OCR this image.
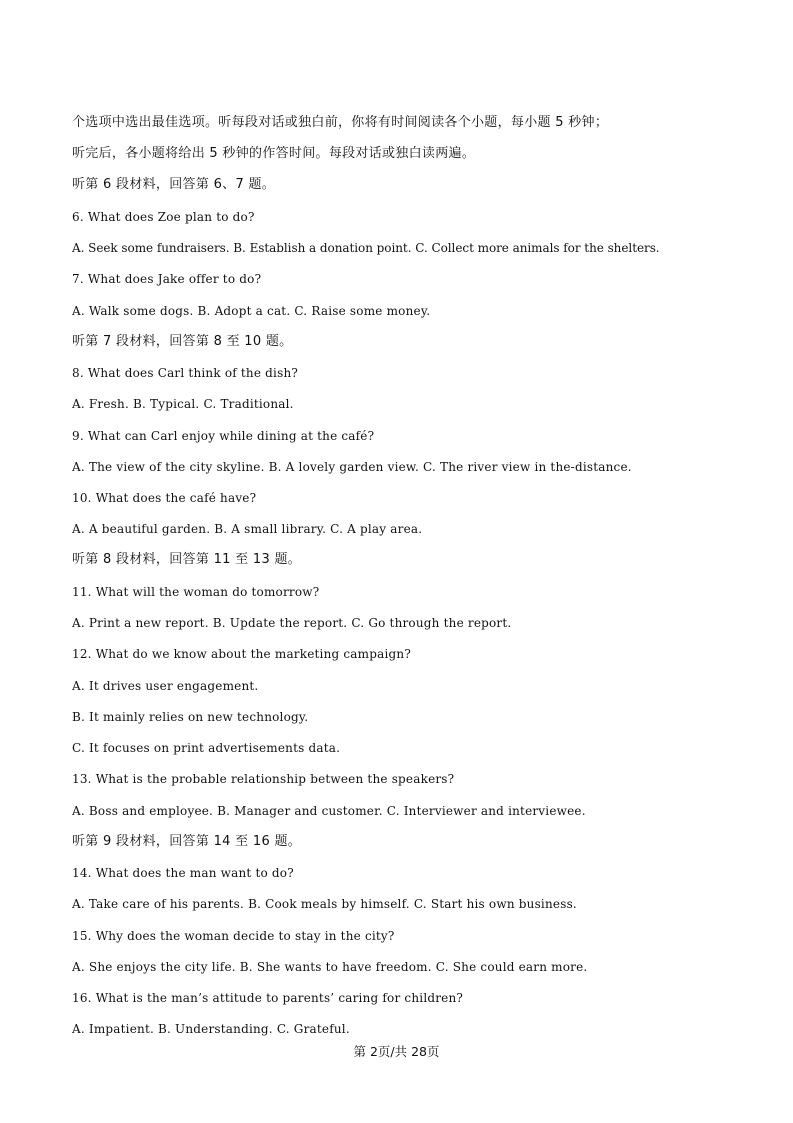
个选项中选出最佳选项。听每段对话或独白前，你将有时间阅读各个小题，每小题 5 秒钟；
听完后，各小题将给出 5 秒钟的作答时间。每段对话或独白读两遍。
听第 6 段材料，回答第 6、7 题。
6. What does Zoe plan to do?
A. Seek some fundraisers. B. Establish a donation point. C. Collect more animals for the shelters.
7. What does Jake offer to do?
A. Walk some dogs. B. Adopt a cat. C. Raise some money.
听第 7 段材料，回答第 8 至 10 题。
8. What does Carl think of the dish?
A. Fresh. B. Typical. C. Traditional.
9. What can Carl enjoy while dining at the café?
A. The view of the city skyline. B. A lovely garden view. C. The river view in the-distance.
10. What does the café have?
A. A beautiful garden. B. A small library. C. A play area.
听第 8 段材料，回答第 11 至 13 题。
11. What will the woman do tomorrow?
A. Print a new report. B. Update the report. C. Go through the report.
12. What do we know about the marketing campaign?
A. It drives user engagement.
B. It mainly relies on new technology.
C. It focuses on print advertisements data.
13. What is the probable relationship between the speakers?
A. Boss and employee. B. Manager and customer. C. Interviewer and interviewee.
听第 9 段材料，回答第 14 至 16 题。
14. What does the man want to do?
A. Take care of his parents. B. Cook meals by himself. C. Start his own business.
15. Why does the woman decide to stay in the city?
A. She enjoys the city life. B. She wants to have freedom. C. She could earn more.
16. What is the man’s attitude to parents’ caring for children?
A. Impatient. B. Understanding. C. Grateful.
第 2页/共 28页
